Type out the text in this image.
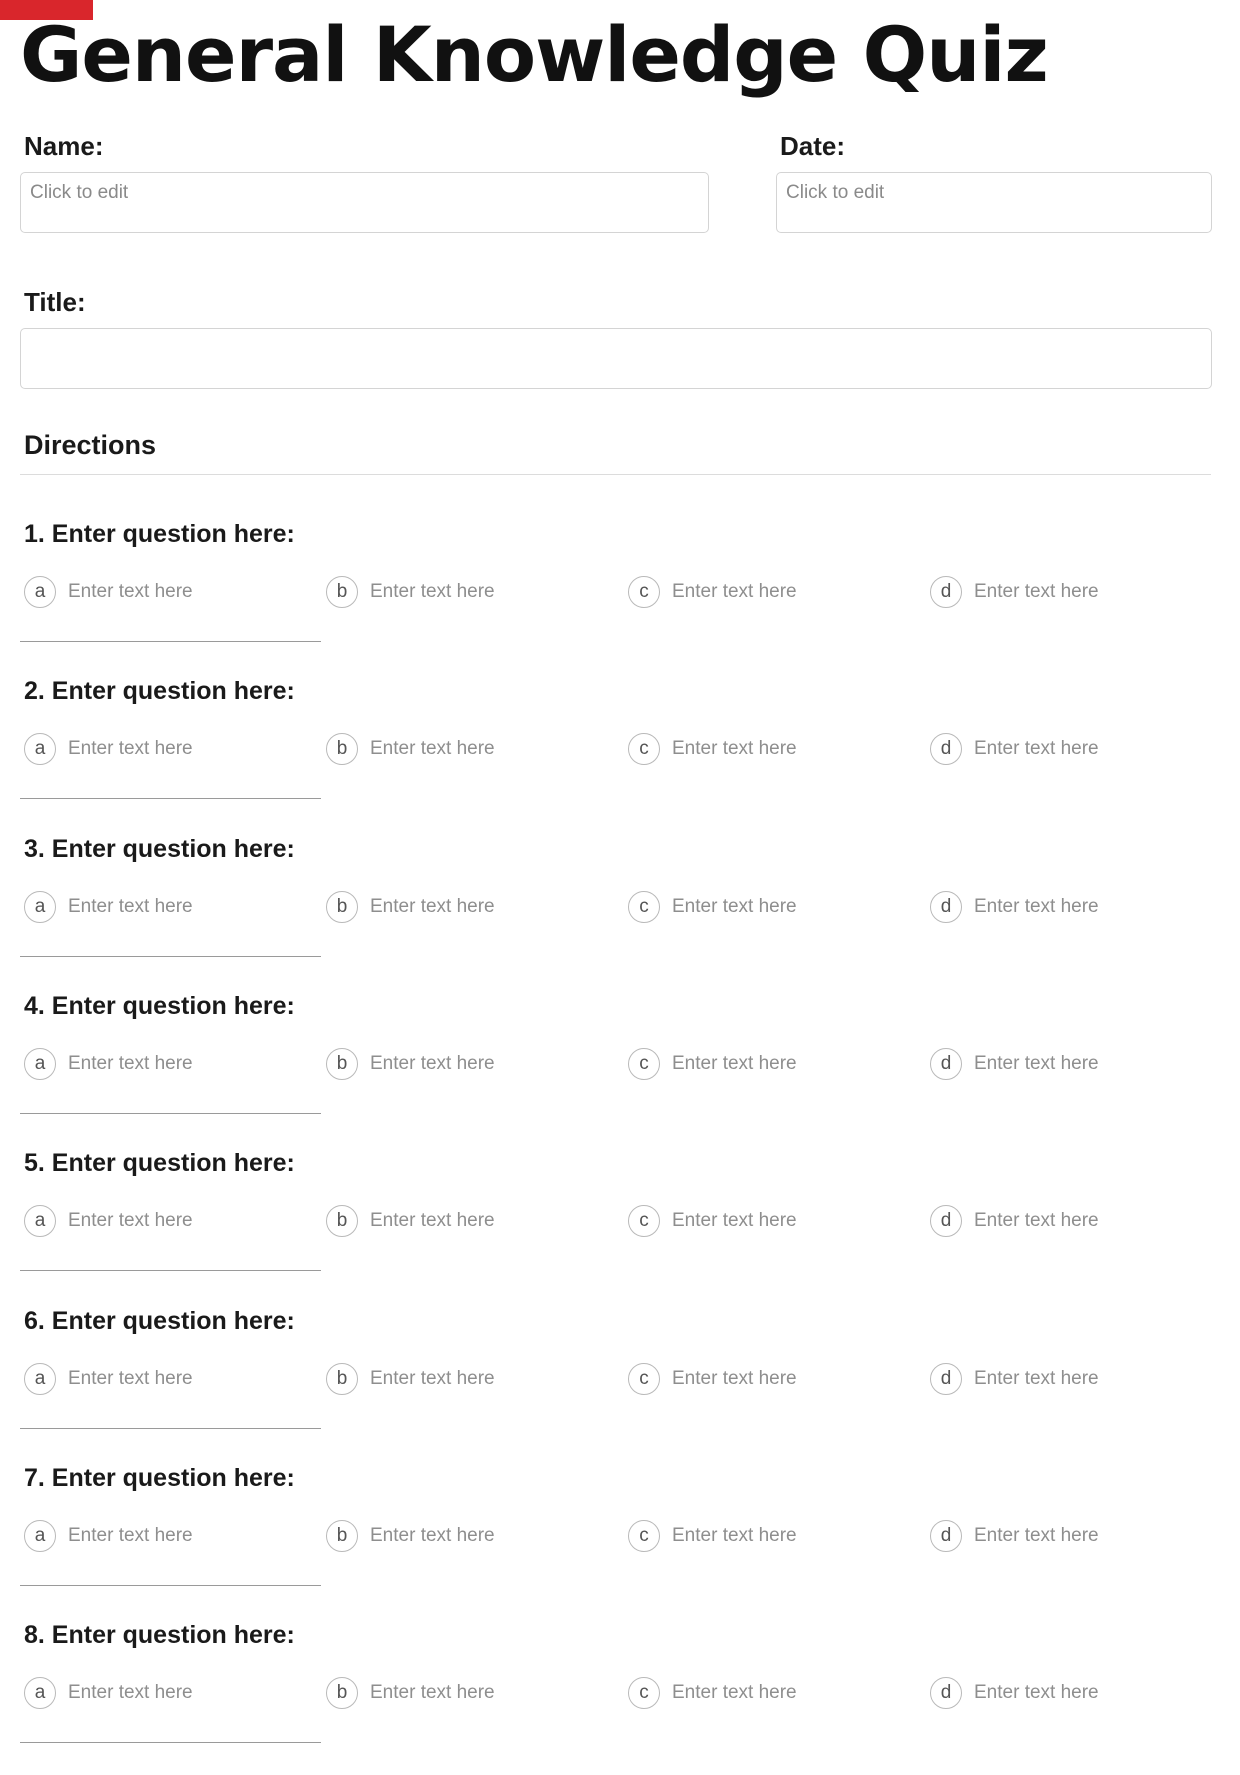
General Knowledge Quiz
Name:
Click to edit
Date:
Click to edit
Title:
Directions
1. Enter question here:
a	Enter text here	b	Enter text here	c	Enter text here	d	Enter text here
2. Enter question here:
a	Enter text here	b	Enter text here	c	Enter text here	d	Enter text here
3. Enter question here:
a	Enter text here	b	Enter text here	c	Enter text here	d	Enter text here
4. Enter question here:
a	Enter text here	b	Enter text here	c	Enter text here	d	Enter text here
5. Enter question here:
a	Enter text here	b	Enter text here	c	Enter text here	d	Enter text here
6. Enter question here:
a	Enter text here	b	Enter text here	c	Enter text here	d	Enter text here
7. Enter question here:
a	Enter text here	b	Enter text here	c	Enter text here	d	Enter text here
8. Enter question here:
a	Enter text here	b	Enter text here	c	Enter text here	d	Enter text here
